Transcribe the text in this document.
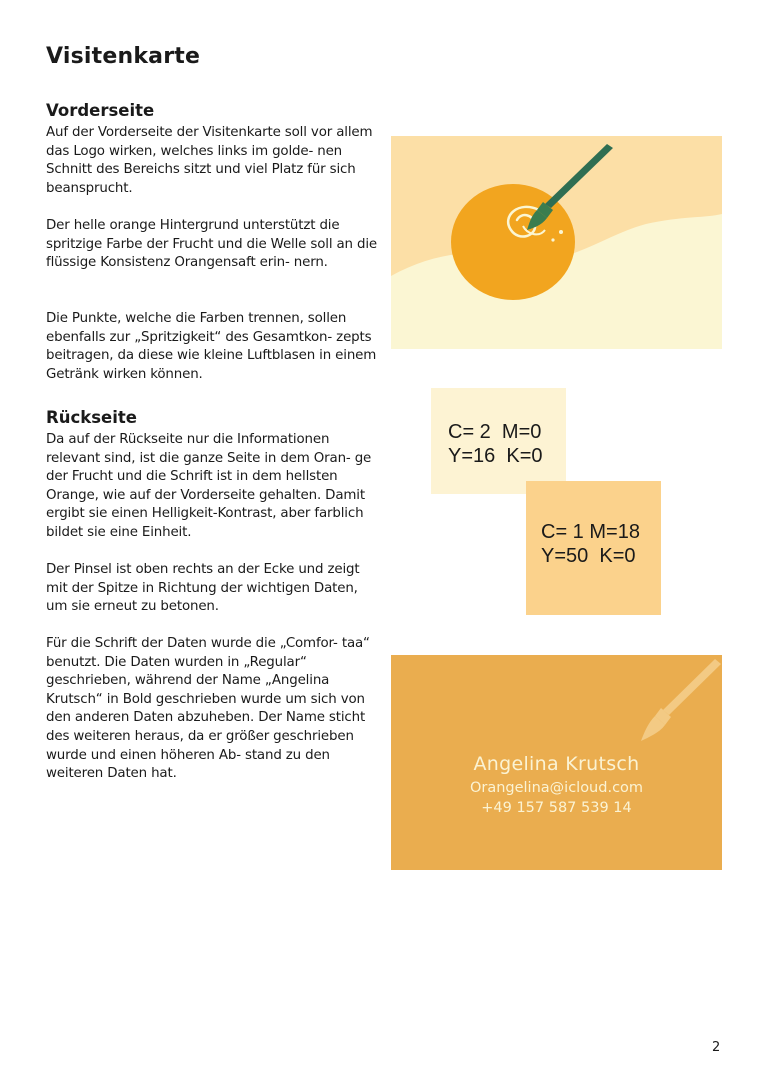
Visitenkarte
Vorderseite

Auf der Vorderseite der Visitenkarte soll vor allem das Logo wirken, welches links im golde- nen Schnitt des Bereichs sitzt und viel Platz für sich beansprucht.

Der helle orange Hintergrund unterstützt die spritzige Farbe der Frucht und die Welle soll an die flüssige Konsistenz Orangensaft erin- nern.

Die Punkte, welche die Farben trennen, sollen ebenfalls zur „Spritzigkeit“ des Gesamtkon- zepts beitragen, da diese wie kleine Luftblasen in einem Getränk wirken können.

Rückseite

Da auf der Rückseite nur die Informationen relevant sind, ist die ganze Seite in dem Oran- ge der Frucht und die Schrift ist in dem hellsten Orange, wie auf der Vorderseite gehalten. Damit ergibt sie einen Helligkeit-Kontrast, aber farblich bildet sie eine Einheit.

Der Pinsel ist oben rechts an der Ecke und zeigt mit der Spitze in Richtung der wichtigen Daten, um sie erneut zu betonen.

Für die Schrift der Daten wurde die „Comfor- taa“ benutzt. Die Daten wurden in „Regular“ geschrieben, während der Name „Angelina Krutsch“ in Bold geschrieben wurde um sich von den anderen Daten abzuheben. Der Name sticht des weiteren heraus, da er größer geschrieben wurde und einen höheren Ab- stand zu den weiteren Daten hat.

C= 2  M=0
Y=16  K=0
C= 1 M=18
Y=50  K=0
Angelina Krutsch
Orangelina@icloud.com
+49 157 587 539 14
2
